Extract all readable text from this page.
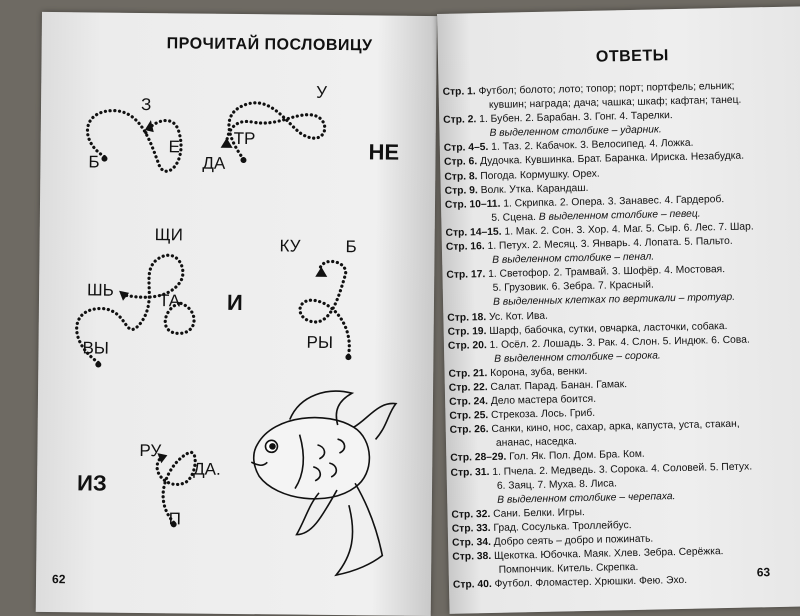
ПРОЧИТАЙ ПОСЛОВИЦУ
З
Б
Е
У
ТР
ДА	НЕ
ЩИ
ШЬ
ТА
ВЫ
КУ	Б
РЫ
И
РУ
ДА.
П
ИЗ
62
ОТВЕТЫ
Стр. 1. Футбол; болото; лото; топор; порт; портфель; ельник;
кувшин; награда; дача; чашка; шкаф; кафтан; танец.
Стр. 2. 1. Бубен. 2. Барабан. 3. Гонг. 4. Тарелки.
В выделенном столбике – ударник.
Стр. 4–5. 1. Таз. 2. Кабачок. 3. Велосипед. 4. Ложка.
Стр. 6. Дудочка. Кувшинка. Брат. Баранка. Ириска. Незабудка.
Стр. 8. Погода. Кормушку. Орех.
Стр. 9. Волк. Утка. Карандаш.
Стр. 10–11. 1. Скрипка. 2. Опера. 3. Занавес. 4. Гардероб.
5. Сцена. В выделенном столбике – певец.
Стр. 14–15. 1. Мак. 2. Сон. 3. Хор. 4. Маг. 5. Сыр. 6. Лес. 7. Шар.
Стр. 16. 1. Петух. 2. Месяц. 3. Январь. 4. Лопата. 5. Пальто.
В выделенном столбике – пенал.
Стр. 17. 1. Светофор. 2. Трамвай. 3. Шофёр. 4. Мостовая.
5. Грузовик. 6. Зебра. 7. Красный.
В выделенных клетках по вертикали – тротуар.
Стр. 18. Ус. Кот. Ива.
Стр. 19. Шарф, бабочка, сутки, овчарка, ласточки, собака.
Стр. 20. 1. Осёл. 2. Лошадь. 3. Рак. 4. Слон. 5. Индюк. 6. Сова.
В выделенном столбике – сорока.
Стр. 21. Корона, зуба, венки.
Стр. 22. Салат. Парад. Банан. Гамак.
Стр. 24. Дело мастера боится.
Стр. 25. Стрекоза. Лось. Гриб.
Стр. 26. Санки, кино, нос, сахар, арка, капуста, уста, стакан,
ананас, наседка.
Стр. 28–29. Гол. Як. Пол. Дом. Бра. Ком.
Стр. 31. 1. Пчела. 2. Медведь. 3. Сорока. 4. Соловей. 5. Петух.
6. Заяц. 7. Муха. 8. Лиса.
В выделенном столбике – черепаха.
Стр. 32. Сани. Белки. Игры.
Стр. 33. Град. Сосулька. Троллейбус.
Стр. 34. Добро сеять – добро и пожинать.
Стр. 38. Щекотка. Юбочка. Маяк. Хлев. Зебра. Серёжка.
Помпончик. Китель. Скрепка.
Стр. 40. Футбол. Фломастер. Хрюшки. Фею. Эхо.
63
